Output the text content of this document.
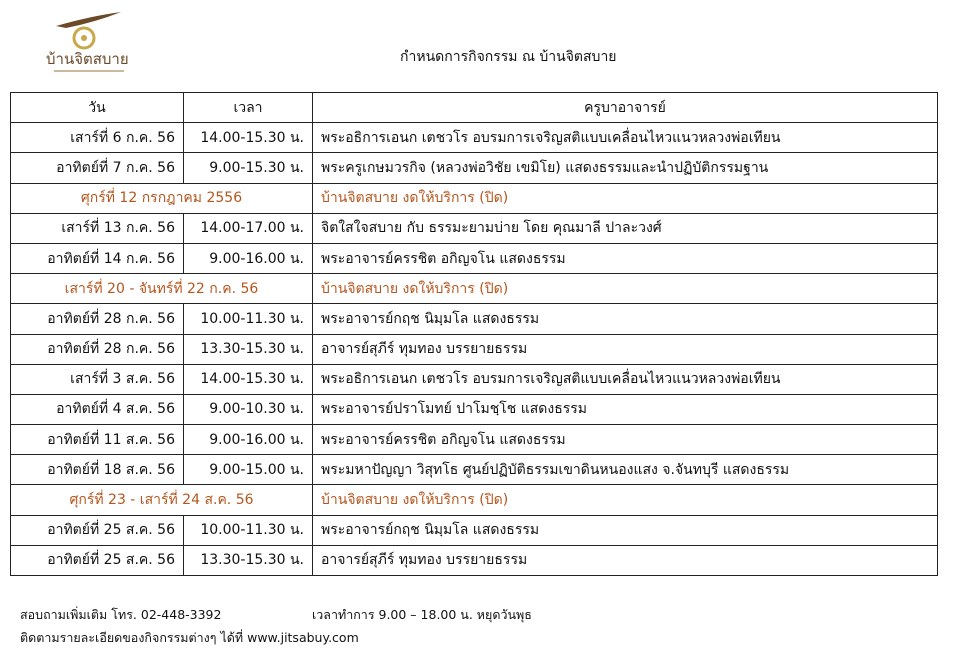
บ้านจิตสบาย	กำหนดการกิจกรรม ณ บ้านจิตสบาย
วัน	เวลา	ครูบาอาจารย์
เสาร์ที่ 6 ก.ค. 56	14.00-15.30 น.	พระอธิการเอนก เตชวโร อบรมการเจริญสติแบบเคลื่อนไหวแนวหลวงพ่อเทียน
อาทิตย์ที่ 7 ก.ค. 56	9.00-15.30 น.	พระครูเกษมวรกิจ (หลวงพ่อวิชัย เขมิโย) แสดงธรรมและนำปฏิบัติกรรมฐาน
ศุกร์ที่ 12 กรกฎาคม 2556		บ้านจิตสบาย งดให้บริการ (ปิด)
เสาร์ที่ 13 ก.ค. 56	14.00-17.00 น.	จิตใสใจสบาย กับ ธรรมะยามบ่าย โดย คุณมาลี ปาละวงศ์
อาทิตย์ที่ 14 ก.ค. 56	9.00-16.00 น.	พระอาจารย์ครรชิต อกิญจโน แสดงธรรม
เสาร์ที่ 20 - จันทร์ที่ 22 ก.ค. 56		บ้านจิตสบาย งดให้บริการ (ปิด)
อาทิตย์ที่ 28 ก.ค. 56	10.00-11.30 น.	พระอาจารย์กฤช นิมฺมโล แสดงธรรม
อาทิตย์ที่ 28 ก.ค. 56	13.30-15.30 น.	อาจารย์สุภีร์ ทุมทอง บรรยายธรรม
เสาร์ที่ 3 ส.ค. 56	14.00-15.30 น.	พระอธิการเอนก เตชวโร อบรมการเจริญสติแบบเคลื่อนไหวแนวหลวงพ่อเทียน
อาทิตย์ที่ 4 ส.ค. 56	9.00-10.30 น.	พระอาจารย์ปราโมทย์ ปาโมชฺโช แสดงธรรม
อาทิตย์ที่ 11 ส.ค. 56	9.00-16.00 น.	พระอาจารย์ครรชิต อกิญจโน แสดงธรรม
อาทิตย์ที่ 18 ส.ค. 56	9.00-15.00 น.	พระมหาปัญญา วิสุทโธ ศูนย์ปฏิบัติธรรมเขาดินหนองแสง จ.จันทบุรี แสดงธรรม
ศุกร์ที่ 23 - เสาร์ที่ 24 ส.ค. 56		บ้านจิตสบาย งดให้บริการ (ปิด)
อาทิตย์ที่ 25 ส.ค. 56	10.00-11.30 น.	พระอาจารย์กฤช นิมฺมโล แสดงธรรม
อาทิตย์ที่ 25 ส.ค. 56	13.30-15.30 น.	อาจารย์สุภีร์ ทุมทอง บรรยายธรรม
สอบถามเพิ่มเติม โทร. 02-448-3392	เวลาทำการ 9.00 – 18.00 น. หยุดวันพุธ
ติดตามรายละเอียดของกิจกรรมต่างๆ ได้ที่ www.jitsabuy.com
